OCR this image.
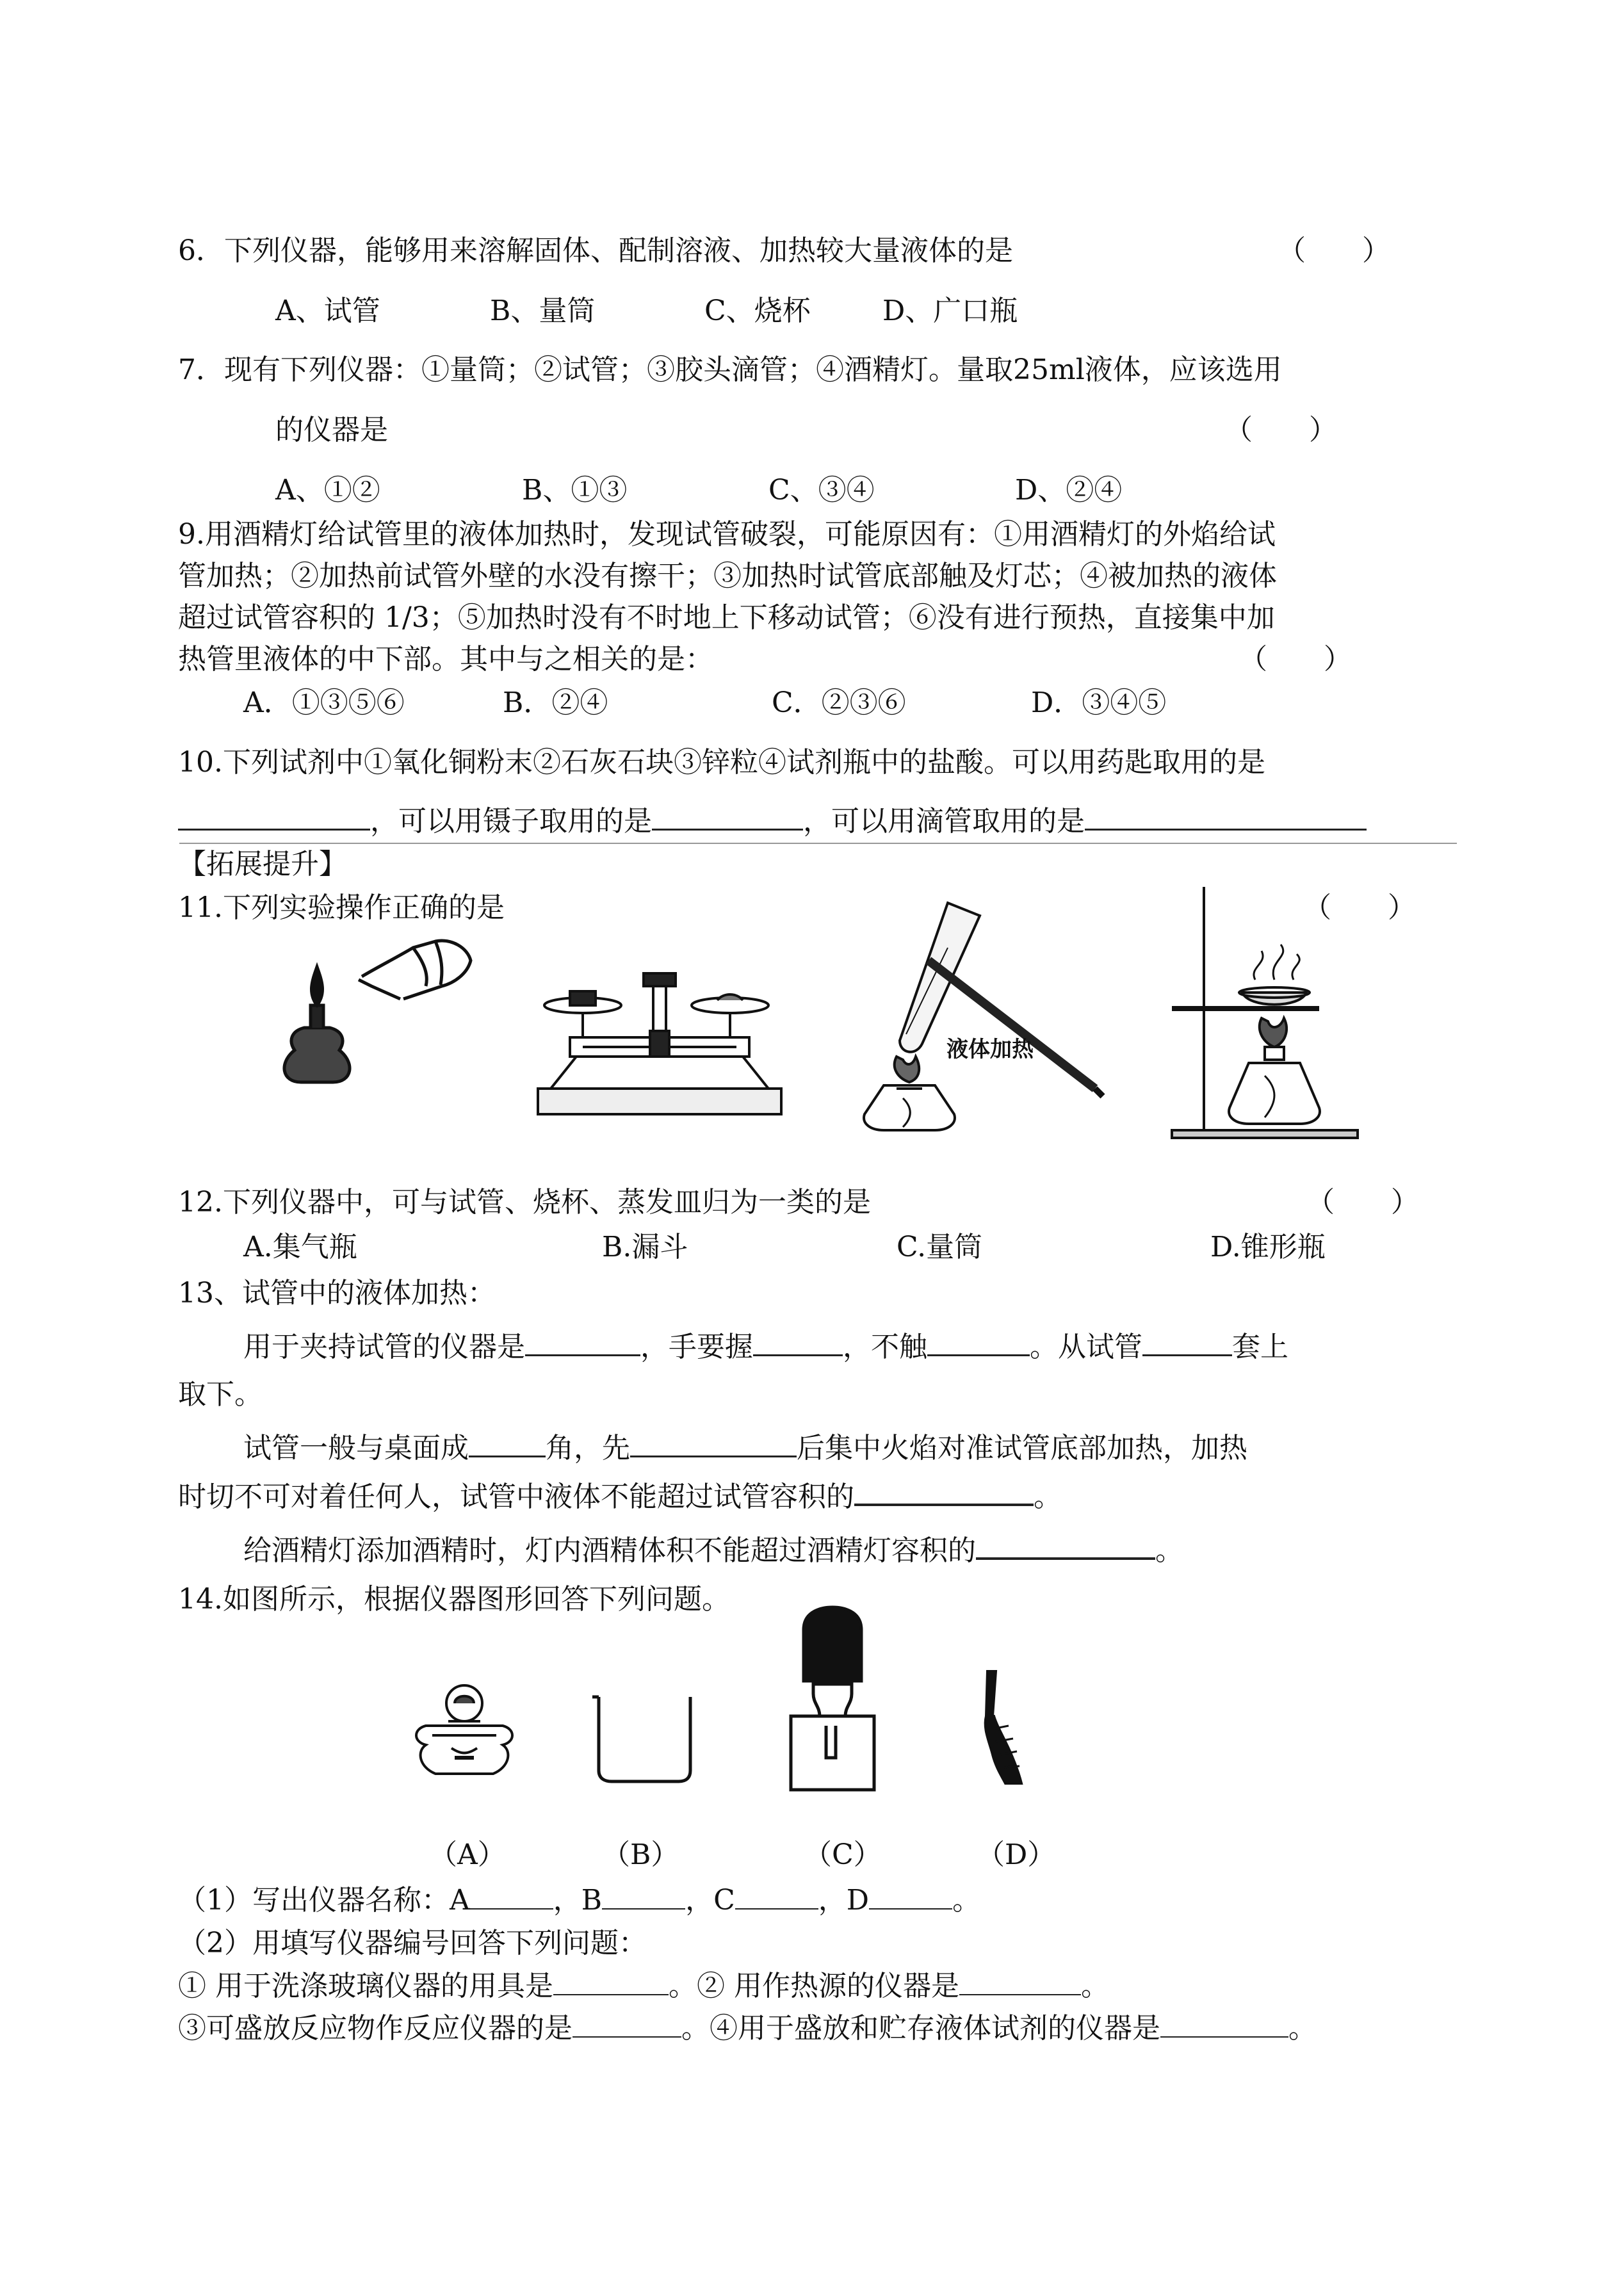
6．下列仪器，能够用来溶解固体、配制溶液、加热较大量液体的是	（　　）
A、试管	B、量筒	C、烧杯	D、广口瓶
7．现有下列仪器：①量筒；②试管；③胶头滴管；④酒精灯。量取25ml液体，应该选用
的仪器是	（　　）
A、①②	B、①③	C、③④	D、②④
9.用酒精灯给试管里的液体加热时，发现试管破裂，可能原因有：①用酒精灯的外焰给试
管加热；②加热前试管外壁的水没有擦干；③加热时试管底部触及灯芯；④被加热的液体
超过试管容积的 1/3；⑤加热时没有不时地上下移动试管；⑥没有进行预热，直接集中加
热管里液体的中下部。其中与之相关的是：	（　　）
A．①③⑤⑥	B．②④	C．②③⑥	D．③④⑤
10.下列试剂中①氧化铜粉末②石灰石块③锌粒④试剂瓶中的盐酸。可以用药匙取用的是
，可以用镊子取用的是	，可以用滴管取用的是
【拓展提升】
11.下列实验操作正确的是	（　　）
液体加热
12.下列仪器中，可与试管、烧杯、蒸发皿归为一类的是	（　　）
A.集气瓶	B.漏斗	C.量筒	D.锥形瓶
13、试管中的液体加热：
用于夹持试管的仪器是	，手要握	，不触	。从试管	套上
取下。
试管一般与桌面成	角，先	后集中火焰对准试管底部加热，加热
时切不可对着任何人，试管中液体不能超过试管容积的	。
给酒精灯添加酒精时，灯内酒精体积不能超过酒精灯容积的	。
14.如图所示，根据仪器图形回答下列问题。
（A）	（B）	（C）	（D）
（1）写出仪器名称：A	，B	，C	，D	。
（2）用填写仪器编号回答下列问题：
① 用于洗涤玻璃仪器的用具是	。② 用作热源的仪器是	。
③可盛放反应物作反应仪器的是	。④用于盛放和贮存液体试剂的仪器是	。
